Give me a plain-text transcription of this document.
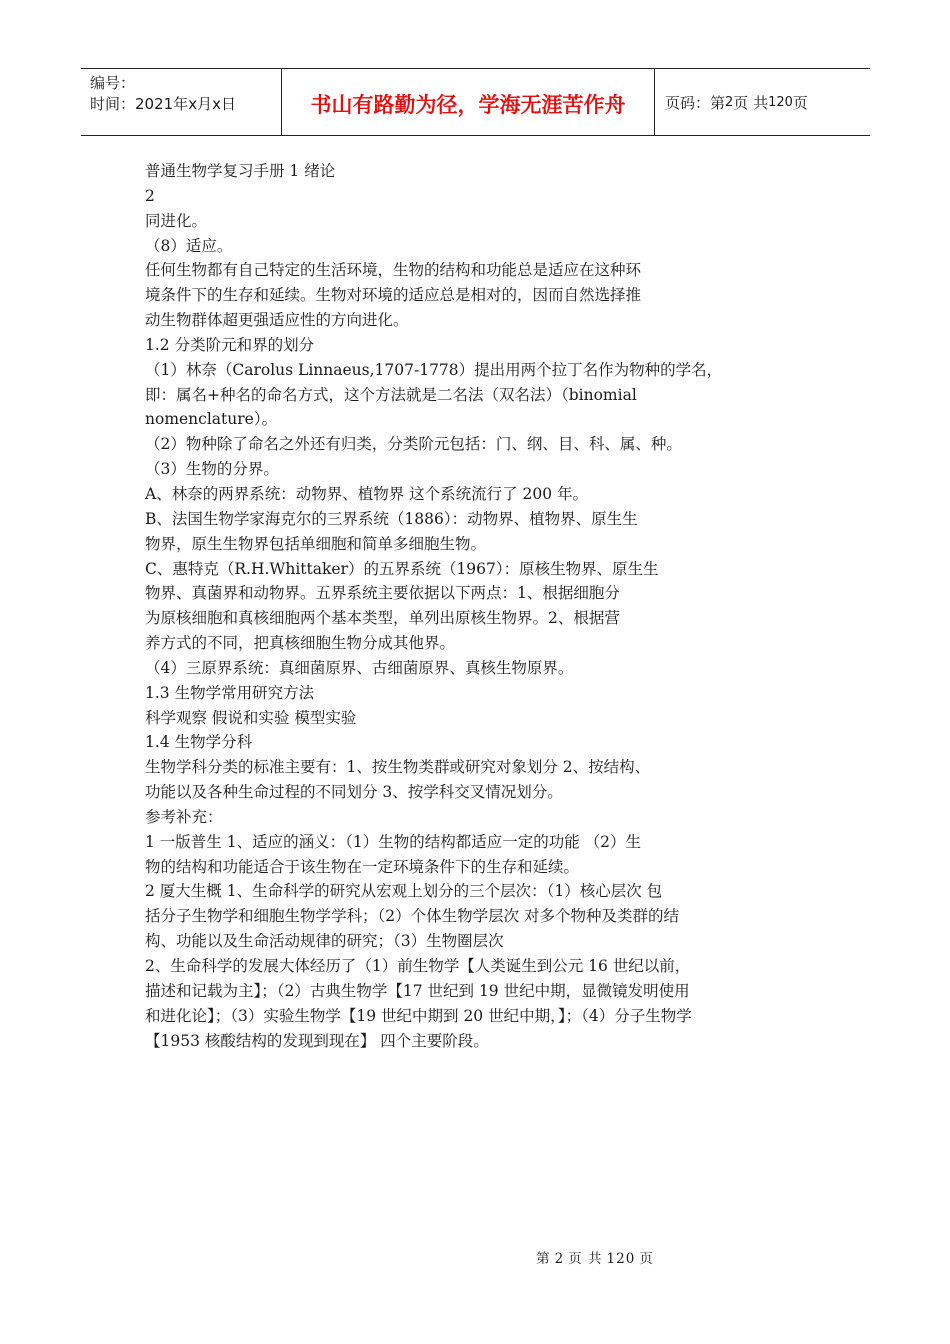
编号：
时间：2021年x月x日	书山有路勤为径，学海无涯苦作舟	页码：第 2 页 共 120 页
普通生物学复习手册 1 绪论
2
同进化。
（8）适应。
任何生物都有自己特定的生活环境，生物的结构和功能总是适应在这种环
境条件下的生存和延续。生物对环境的适应总是相对的，因而自然选择推
动生物群体超更强适应性的方向进化。
1.2 分类阶元和界的划分
（1）林奈（Carolus Linnaeus,1707-1778）提出用两个拉丁名作为物种的学名，
即：属名+种名的命名方式，这个方法就是二名法（双名法）（binomial
nomenclature）。
（2）物种除了命名之外还有归类，分类阶元包括：门、纲、目、科、属、种。
（3）生物的分界。
A、林奈的两界系统：动物界、植物界 这个系统流行了 200 年。
B、法国生物学家海克尔的三界系统（1886）：动物界、植物界、原生生
物界，原生生物界包括单细胞和简单多细胞生物。
C、惠特克（R.H.Whittaker）的五界系统（1967）：原核生物界、原生生
物界、真菌界和动物界。五界系统主要依据以下两点：1、根据细胞分
为原核细胞和真核细胞两个基本类型，单列出原核生物界。2、根据营
养方式的不同，把真核细胞生物分成其他界。
（4）三原界系统：真细菌原界、古细菌原界、真核生物原界。
1.3 生物学常用研究方法
科学观察 假说和实验 模型实验
1.4 生物学分科
生物学科分类的标准主要有：1、按生物类群或研究对象划分 2、按结构、
功能以及各种生命过程的不同划分 3、按学科交叉情况划分。
参考补充：
1 一版普生 1、适应的涵义：（1）生物的结构都适应一定的功能 （2）生
物的结构和功能适合于该生物在一定环境条件下的生存和延续。
2 厦大生概 1、生命科学的研究从宏观上划分的三个层次：（1）核心层次 包
括分子生物学和细胞生物学学科；（2）个体生物学层次 对多个物种及类群的结
构、功能以及生命活动规律的研究；（3）生物圈层次
2、生命科学的发展大体经历了（1）前生物学【人类诞生到公元 16 世纪以前，
描述和记载为主】；（2）古典生物学【17 世纪到 19 世纪中期，显微镜发明使用
和进化论】；（3）实验生物学【19 世纪中期到 20 世纪中期，】；（4）分子生物学
【1953 核酸结构的发现到现在】 四个主要阶段。
第 2 页 共 120 页
